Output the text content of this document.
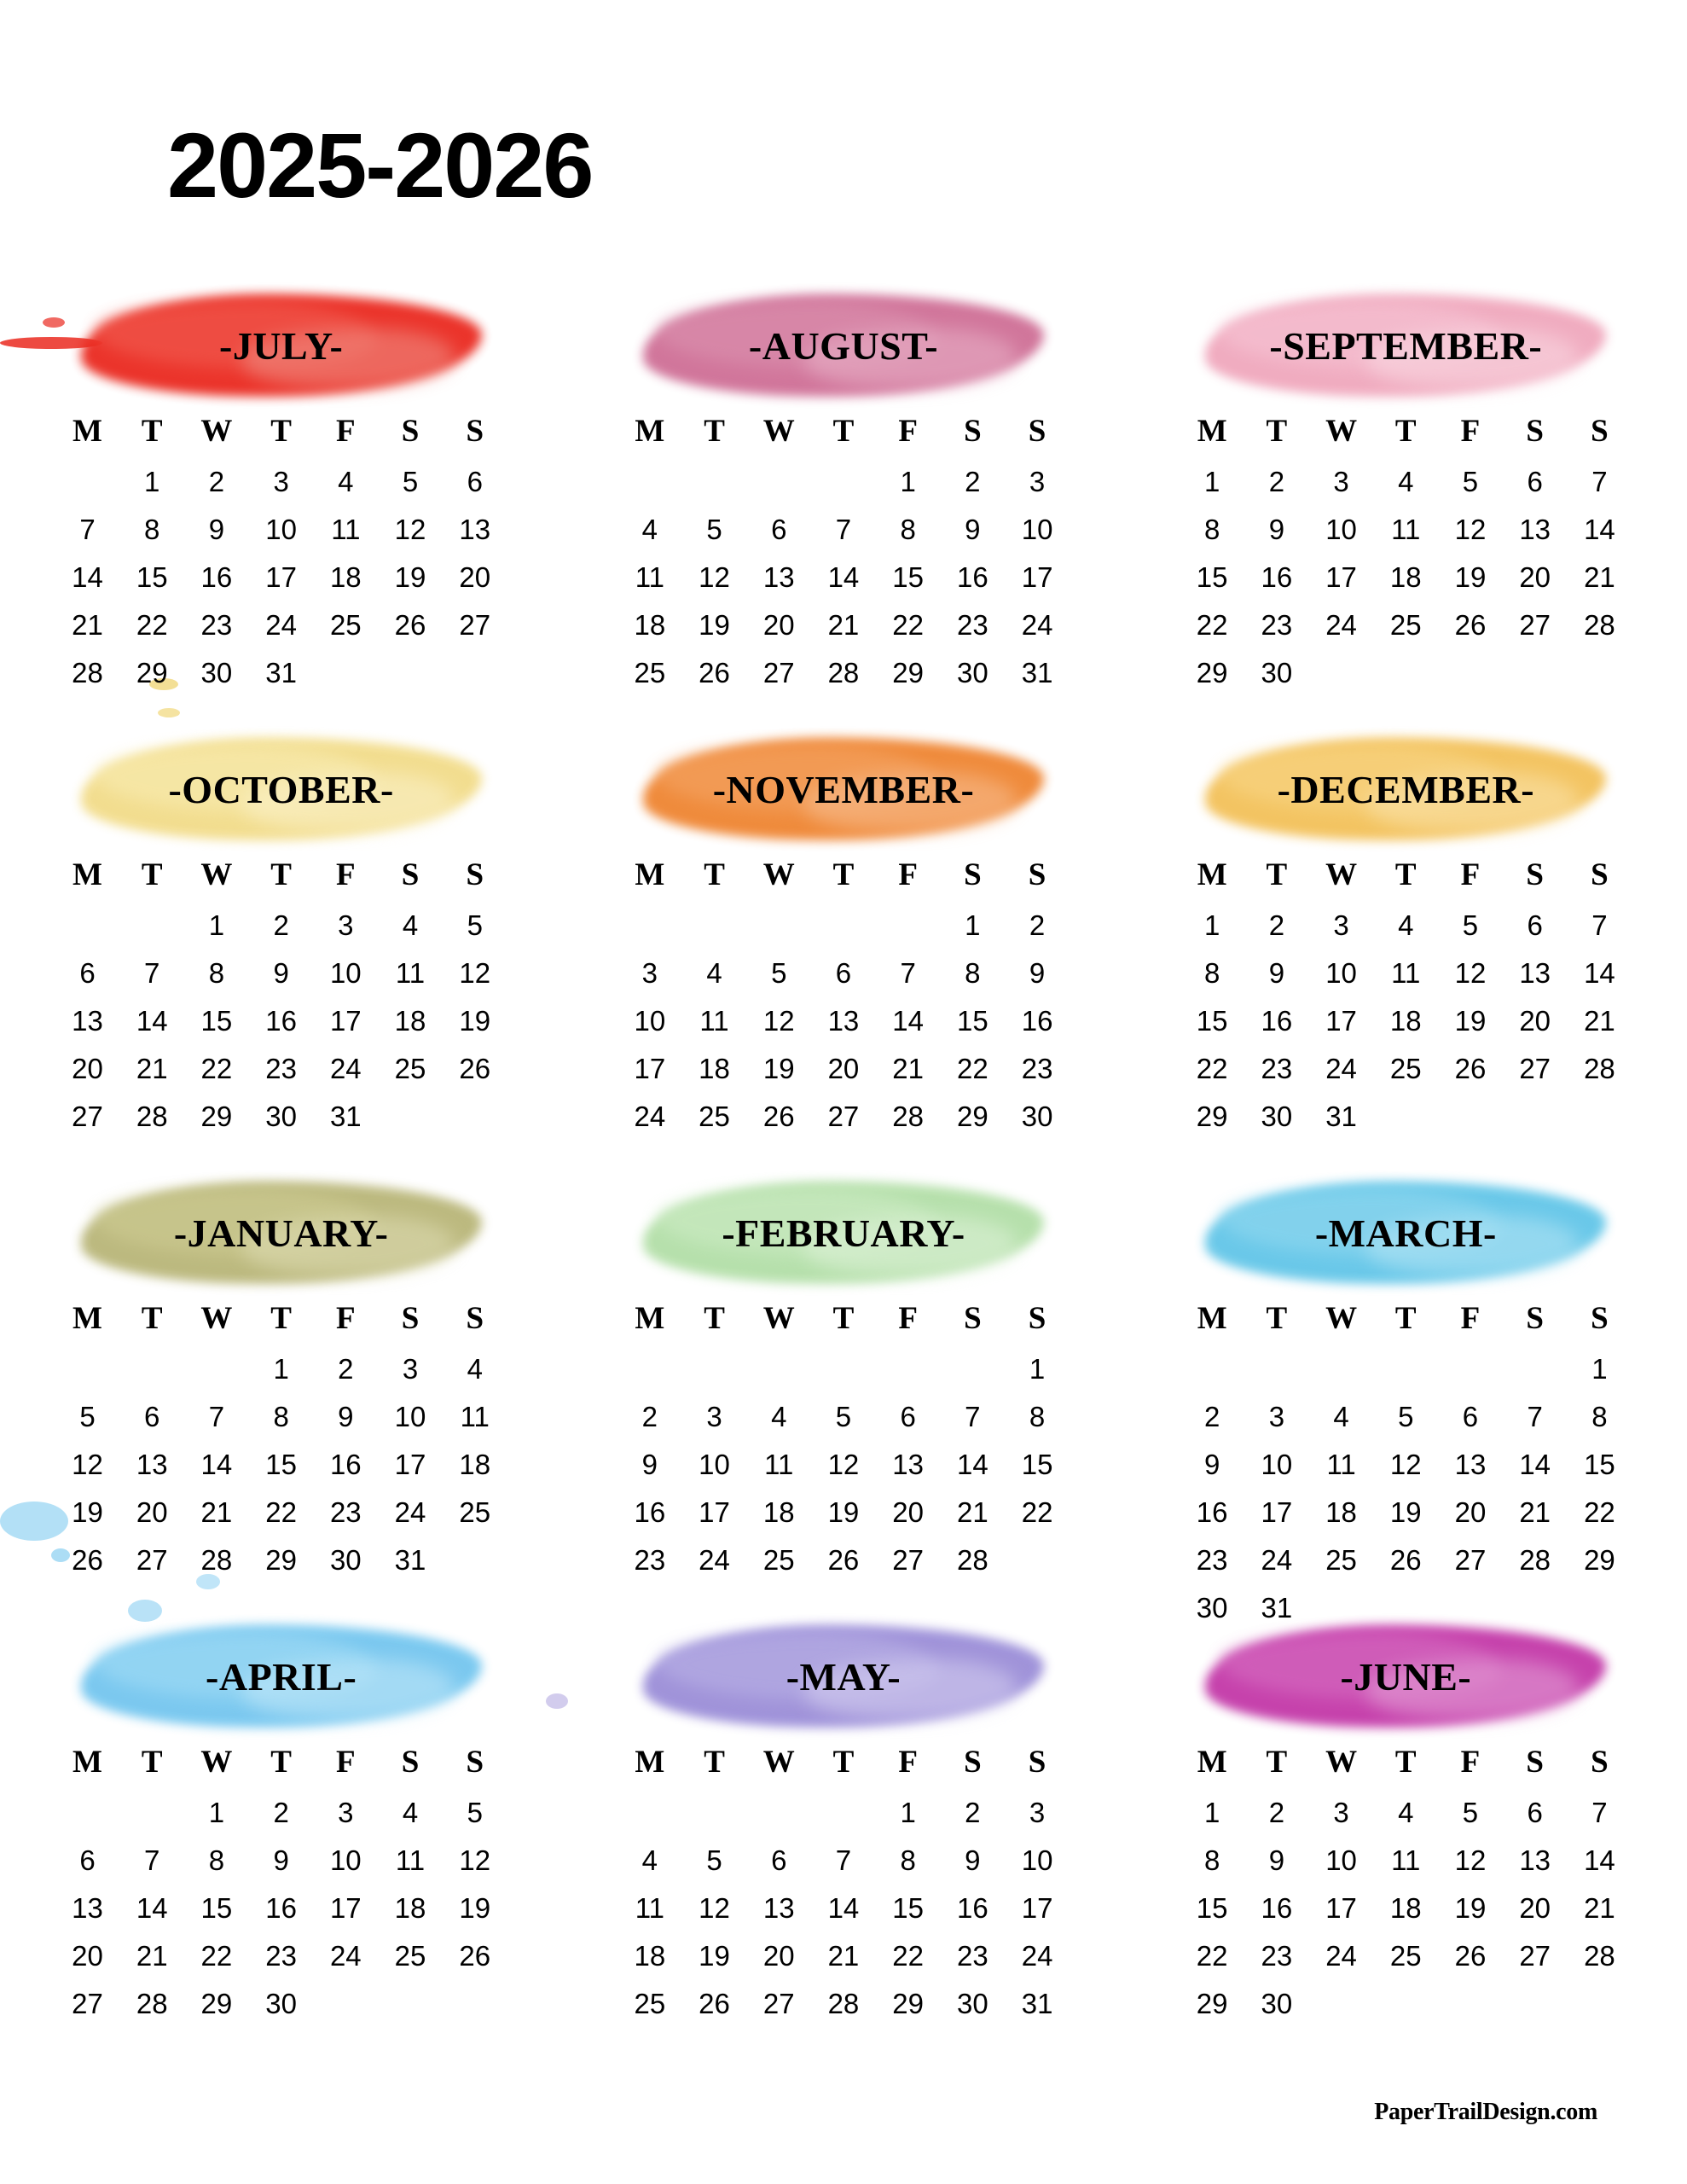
2025-2026
-JULY-
M	T	W	T	F	S	S
	1	2	3	4	5	6
7	8	9	10	11	12	13
14	15	16	17	18	19	20
21	22	23	24	25	26	27
28	29	30	31			
-AUGUST-
M	T	W	T	F	S	S
				1	2	3
4	5	6	7	8	9	10
11	12	13	14	15	16	17
18	19	20	21	22	23	24
25	26	27	28	29	30	31
-SEPTEMBER-
M	T	W	T	F	S	S
1	2	3	4	5	6	7
8	9	10	11	12	13	14
15	16	17	18	19	20	21
22	23	24	25	26	27	28
29	30					
-OCTOBER-
M	T	W	T	F	S	S
		1	2	3	4	5
6	7	8	9	10	11	12
13	14	15	16	17	18	19
20	21	22	23	24	25	26
27	28	29	30	31		
-NOVEMBER-
M	T	W	T	F	S	S
					1	2
3	4	5	6	7	8	9
10	11	12	13	14	15	16
17	18	19	20	21	22	23
24	25	26	27	28	29	30
-DECEMBER-
M	T	W	T	F	S	S
1	2	3	4	5	6	7
8	9	10	11	12	13	14
15	16	17	18	19	20	21
22	23	24	25	26	27	28
29	30	31				
-JANUARY-
M	T	W	T	F	S	S
			1	2	3	4
5	6	7	8	9	10	11
12	13	14	15	16	17	18
19	20	21	22	23	24	25
26	27	28	29	30	31	
-FEBRUARY-
M	T	W	T	F	S	S
						1
2	3	4	5	6	7	8
9	10	11	12	13	14	15
16	17	18	19	20	21	22
23	24	25	26	27	28	
-MARCH-
M	T	W	T	F	S	S
						1
2	3	4	5	6	7	8
9	10	11	12	13	14	15
16	17	18	19	20	21	22
23	24	25	26	27	28	29
30	31					
-APRIL-
M	T	W	T	F	S	S
		1	2	3	4	5
6	7	8	9	10	11	12
13	14	15	16	17	18	19
20	21	22	23	24	25	26
27	28	29	30			
-MAY-
M	T	W	T	F	S	S
				1	2	3
4	5	6	7	8	9	10
11	12	13	14	15	16	17
18	19	20	21	22	23	24
25	26	27	28	29	30	31
-JUNE-
M	T	W	T	F	S	S
1	2	3	4	5	6	7
8	9	10	11	12	13	14
15	16	17	18	19	20	21
22	23	24	25	26	27	28
29	30					
PaperTrailDesign.com
